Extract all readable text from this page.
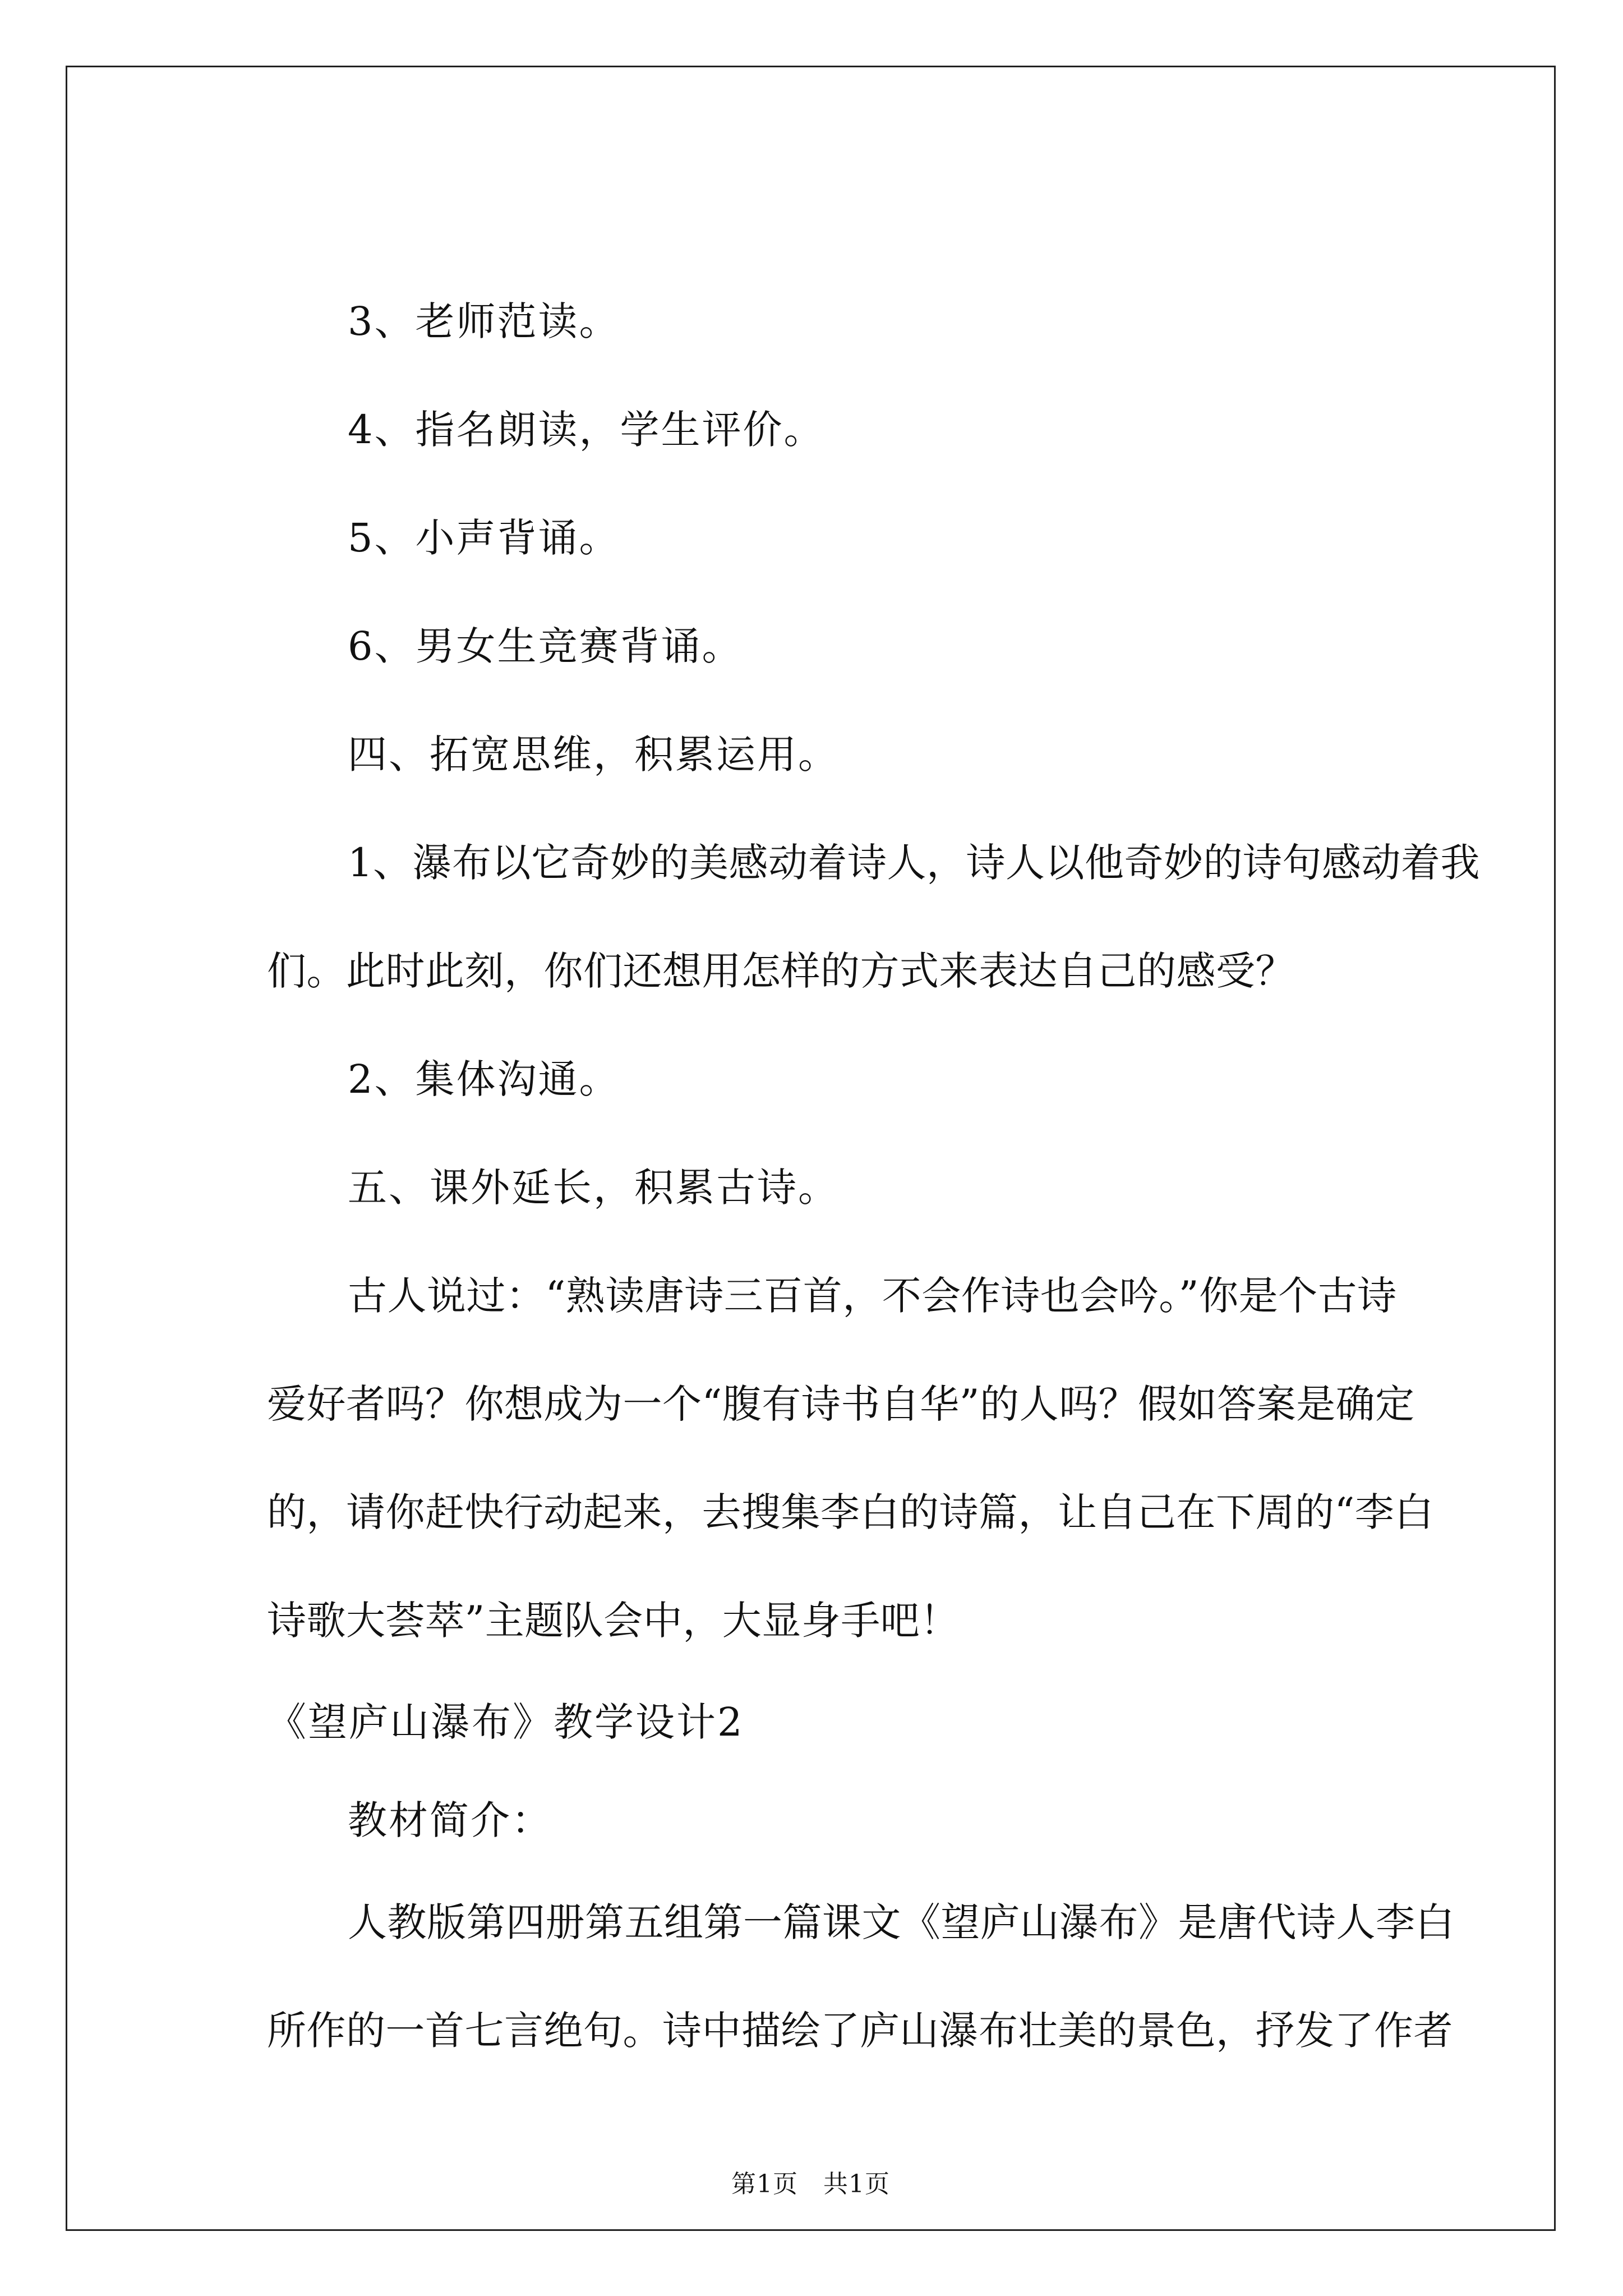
3、老师范读。
4、指名朗读，学生评价。
5、小声背诵。
6、男女生竞赛背诵。
四、拓宽思维，积累运用。
1、瀑布以它奇妙的美感动着诗人，诗人以他奇妙的诗句感动着我
们。此时此刻，你们还想用怎样的方式来表达自己的感受？
2、集体沟通。
五、课外延长，积累古诗。
古人说过：“熟读唐诗三百首，不会作诗也会吟。”你是个古诗
爱好者吗？你想成为一个“腹有诗书自华”的人吗？假如答案是确定
的，请你赶快行动起来，去搜集李白的诗篇，让自己在下周的“李白
诗歌大荟萃”主题队会中，大显身手吧！
《望庐山瀑布》教学设计2
教材简介：
人教版第四册第五组第一篇课文《望庐山瀑布》是唐代诗人李白
所作的一首七言绝句。诗中描绘了庐山瀑布壮美的景色，抒发了作者
第1页　共1页
